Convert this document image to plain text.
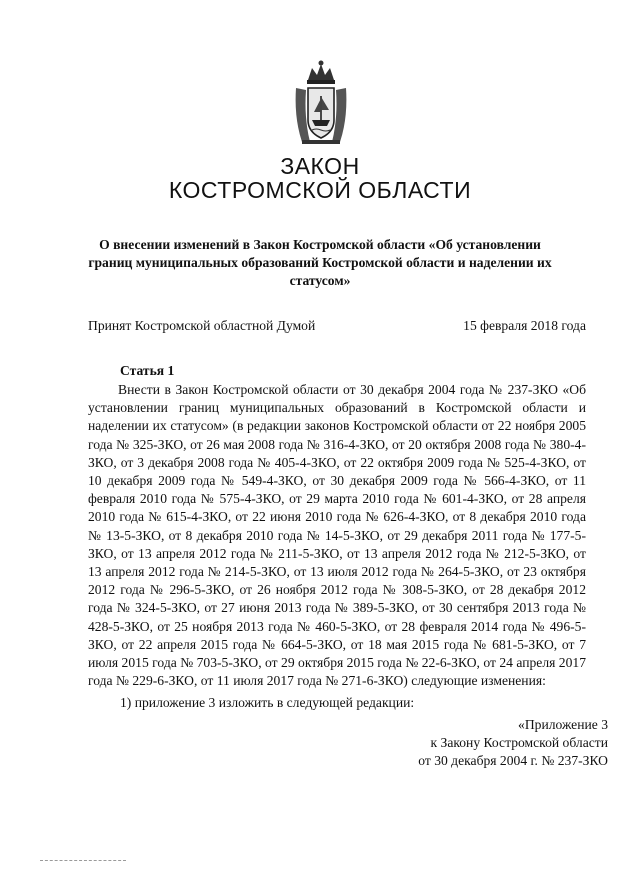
ЗАКОН
КОСТРОМСКОЙ ОБЛАСТИ
О внесении изменений в Закон Костромской области «Об установлении границ муниципальных образований Костромской области и наделении их статусом»
Принят Костромской областной Думой	15 февраля 2018 года
Статья 1
Внести в Закон Костромской области от 30 декабря 2004 года № 237-ЗКО «Об установлении границ муниципальных образований в Костромской области и наделении их статусом» (в редакции законов Костромской области от 22 ноября 2005 года № 325-ЗКО, от 26 мая 2008 года № 316-4-ЗКО, от 20 октября 2008 года № 380-4-ЗКО, от 3 декабря 2008 года № 405-4-ЗКО, от 22 октября 2009 года № 525-4-ЗКО, от 10 декабря 2009 года № 549-4-ЗКО, от 30 декабря 2009 года № 566-4-ЗКО, от 11 февраля 2010 года № 575-4-ЗКО, от 29 марта 2010 года № 601-4-ЗКО, от 28 апреля 2010 года № 615-4-ЗКО, от 22 июня 2010 года № 626-4-ЗКО, от 8 декабря 2010 года № 13-5-ЗКО, от 8 декабря 2010 года № 14-5-ЗКО, от 29 декабря 2011 года № 177-5-ЗКО, от 13 апреля 2012 года № 211-5-ЗКО, от 13 апреля 2012 года № 212-5-ЗКО, от 13 апреля 2012 года № 214-5-ЗКО, от 13 июля 2012 года № 264-5-ЗКО, от 23 октября 2012 года № 296-5-ЗКО, от 26 ноября 2012 года № 308-5-ЗКО, от 28 декабря 2012 года № 324-5-ЗКО, от 27 июня 2013 года № 389-5-ЗКО, от 30 сентября 2013 года № 428-5-ЗКО, от 25 ноября 2013 года № 460-5-ЗКО, от 28 февраля 2014 года № 496-5-ЗКО, от 22 апреля 2015 года № 664-5-ЗКО, от 18 мая 2015 года № 681-5-ЗКО, от 7 июля 2015 года № 703-5-ЗКО, от 29 октября 2015 года № 22-6-ЗКО, от 24 апреля 2017 года № 229-6-ЗКО, от 11 июля 2017 года № 271-6-ЗКО) следующие изменения:
1) приложение 3 изложить в следующей редакции:
«Приложение 3
к Закону Костромской области
от 30 декабря 2004 г. № 237-ЗКО
